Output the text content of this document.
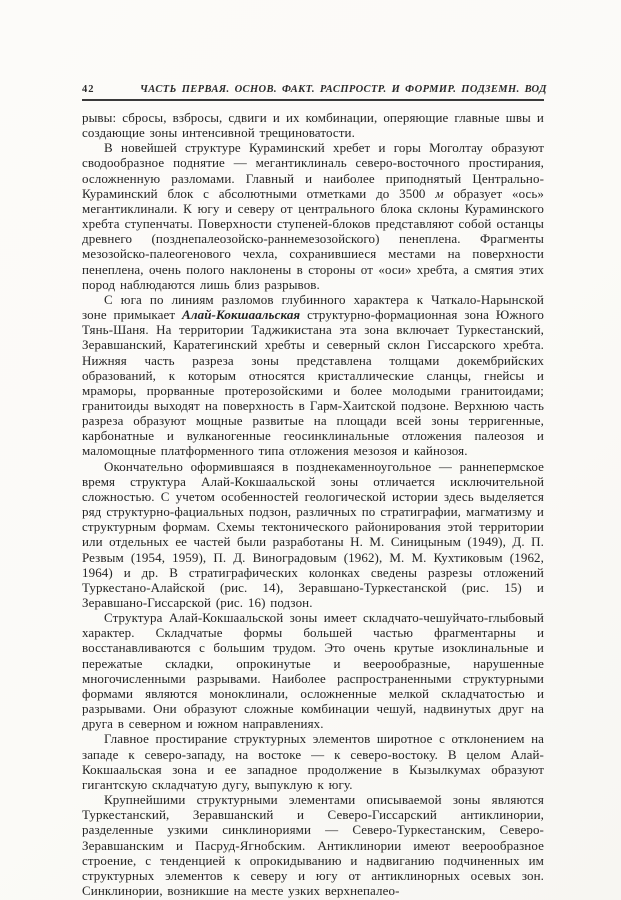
42	ЧАСТЬ ПЕРВАЯ. ОСНОВ. ФАКТ. РАСПРОСТР. И ФОРМИР. ПОДЗЕМН. ВОД

рывы: сбросы, взбросы, сдвиги и их комбинации, оперяющие главные швы и создающие зоны интенсивной трещиноватости.

В новейшей структуре Кураминский хребет и горы Моголтау образуют сводообразное поднятие — мегантиклиналь северо-восточного простирания, осложненную разломами. Главный и наиболее приподнятый Центрально-Кураминский блок с абсолютными отметками до 3500 м образует «ось» мегантиклинали. К югу и северу от центрального блока склоны Кураминского хребта ступенчаты. Поверхности ступеней-блоков представляют собой останцы древнего (позднепалеозойско-раннемезозойского) пенеплена. Фрагменты мезозойско-палеогенового чехла, сохранившиеся местами на поверхности пенеплена, очень полого наклонены в стороны от «оси» хребта, а смятия этих пород наблюдаются лишь близ разрывов.

С юга по линиям разломов глубинного характера к Чаткало-Нарынской зоне примыкает Алай-Кокшаальская структурно-формационная зона Южного Тянь-Шаня. На территории Таджикистана эта зона включает Туркестанский, Зеравшанский, Каратегинский хребты и северный склон Гиссарского хребта. Нижняя часть разреза зоны представлена толщами докембрийских образований, к которым относятся кристаллические сланцы, гнейсы и мраморы, прорванные протерозойскими и более молодыми гранитоидами; гранитоиды выходят на поверхность в Гарм-Хаитской подзоне. Верхнюю часть разреза образуют мощные развитые на площади всей зоны терригенные, карбонатные и вулканогенные геосинклинальные отложения палеозоя и маломощные платформенного типа отложения мезозоя и кайнозоя.

Окончательно оформившаяся в позднекаменноугольное — раннепермское время структура Алай-Кокшаальской зоны отличается исключительной сложностью. С учетом особенностей геологической истории здесь выделяется ряд структурно-фациальных подзон, различных по стратиграфии, магматизму и структурным формам. Схемы тектонического районирования этой территории или отдельных ее частей были разработаны Н. М. Синицыным (1949), Д. П. Резвым (1954, 1959), П. Д. Виноградовым (1962), М. М. Кухтиковым (1962, 1964) и др. В стратиграфических колонках сведены разрезы отложений Туркестано-Алайской (рис. 14), Зеравшано-Туркестанской (рис. 15) и Зеравшано-Гиссарской (рис. 16) подзон.

Структура Алай-Кокшаальской зоны имеет складчато-чешуйчато-глыбовый характер. Складчатые формы большей частью фрагментарны и восстанавливаются с большим трудом. Это очень крутые изоклинальные и пережатые складки, опрокинутые и веерообразные, нарушенные многочисленными разрывами. Наиболее распространенными структурными формами являются моноклинали, осложненные мелкой складчатостью и разрывами. Они образуют сложные комбинации чешуй, надвинутых друг на друга в северном и южном направлениях.

Главное простирание структурных элементов широтное с отклонением на западе к северо-западу, на востоке — к северо-востоку. В целом Алай-Кокшаальская зона и ее западное продолжение в Кызылкумах образуют гигантскую складчатую дугу, выпуклую к югу.

Крупнейшими структурными элементами описываемой зоны являются Туркестанский, Зеравшанский и Северо-Гиссарский антиклинории, разделенные узкими синклинориями — Северо-Туркестанским, Северо-Зеравшанским и Пасруд-Ягнобским. Антиклинории имеют веерообразное строение, с тенденцией к опрокидыванию и надвиганию подчиненных им структурных элементов к северу и югу от антиклинорных осевых зон. Синклинории, возникшие на месте узких верхнепалео-
